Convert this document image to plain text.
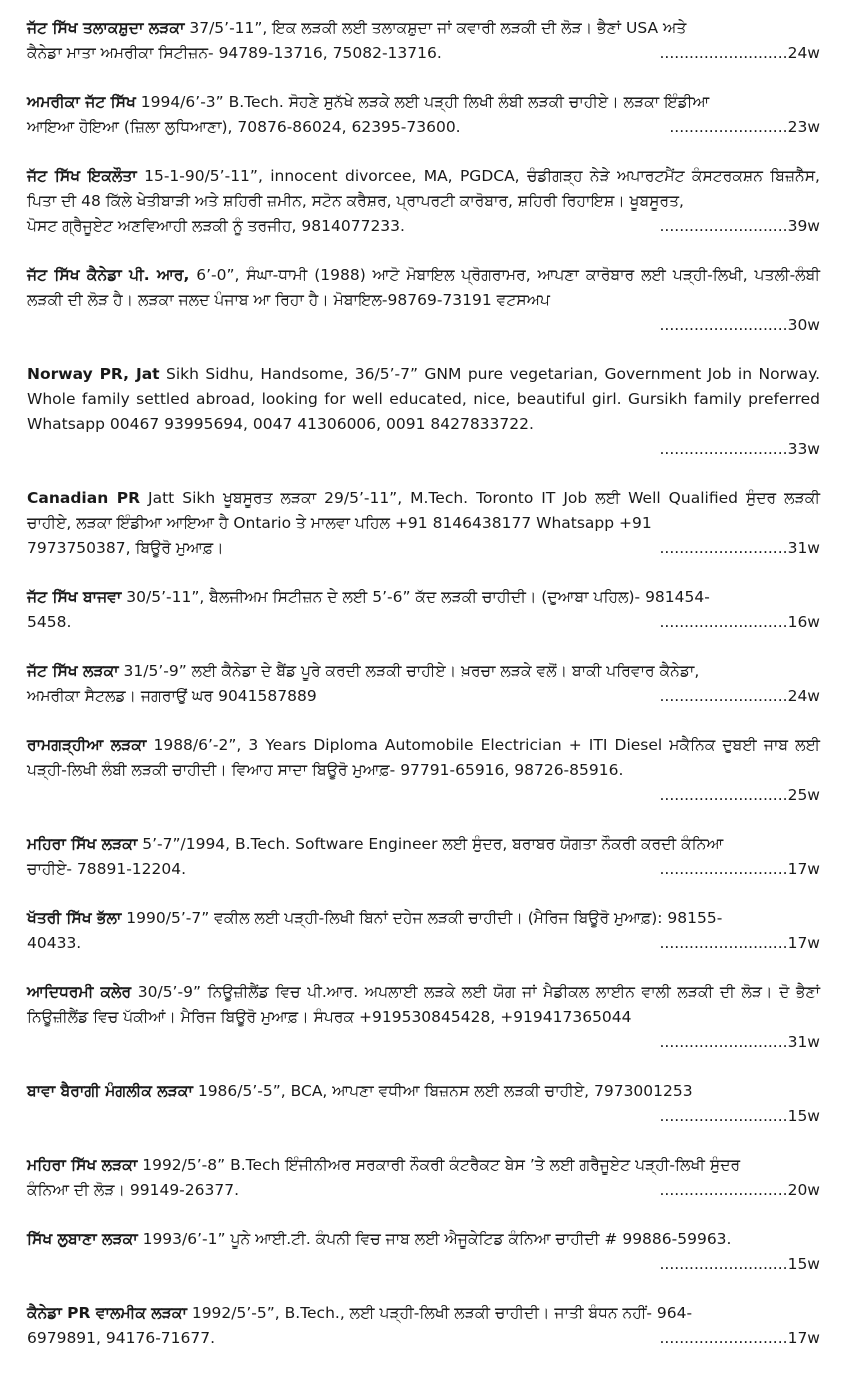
ਜੱਟ ਸਿੱਖ ਤਲਾਕਸ਼ੁਦਾ ਲੜਕਾ 37/5’-11”, ਇਕ ਲੜਕੀ ਲਈ ਤਲਾਕਸ਼ੁਦਾ ਜਾਂ ਕਵਾਰੀ ਲੜਕੀ ਦੀ ਲੋੜ। ਭੈਣਾਂ USA ਅਤੇ
ਕੈਨੇਡਾ ਮਾਤਾ ਅਮਰੀਕਾ ਸਿਟੀਜ਼ਨ- 94789-13716, 75082-13716.	..........................24w
ਅਮਰੀਕਾ ਜੱਟ ਸਿੱਖ 1994/6’-3” B.Tech. ਸੋਹਣੇ ਸੁਨੱਖੇ ਲੜਕੇ ਲਈ ਪੜ੍ਹੀ ਲਿਖੀ ਲੰਬੀ ਲੜਕੀ ਚਾਹੀਏ। ਲੜਕਾ ਇੰਡੀਆ
ਆਇਆ ਹੋਇਆ (ਜ਼ਿਲਾ ਲੁਧਿਆਣਾ), 70876-86024, 62395-73600.	........................23w
ਜੱਟ ਸਿੱਖ ਇਕਲੌਤਾ 15-1-90/5’-11”, innocent divorcee, MA, PGDCA, ਚੰਡੀਗੜ੍ਹ ਨੇੜੇ ਅਪਾਰਟਮੈਂਟ ਕੰਸਟਰਕਸ਼ਨ ਬਿਜ਼ਨੈੱਸ, ਪਿਤਾ ਦੀ 48 ਕਿੱਲੇ ਖੇਤੀਬਾੜੀ ਅਤੇ ਸ਼ਹਿਰੀ ਜ਼ਮੀਨ, ਸਟੋਨ ਕਰੈਸ਼ਰ, ਪ੍ਰਾਪਰਟੀ ਕਾਰੋਬਾਰ, ਸ਼ਹਿਰੀ ਰਿਹਾਇਸ਼। ਖੂਬਸੂਰਤ,
ਪੋਸਟ ਗ੍ਰੈਜੂਏਟ ਅਣਵਿਆਹੀ ਲੜਕੀ ਨੂੰ ਤਰਜੀਹ, 9814077233.	..........................39w
ਜੱਟ ਸਿੱਖ ਕੈਨੇਡਾ ਪੀ. ਆਰ, 6’-0”, ਸੰਘਾ-ਧਾਮੀ (1988) ਆਟੋ ਮੋਬਾਇਲ ਪ੍ਰੋਗਰਾਮਰ, ਆਪਣਾ ਕਾਰੋਬਾਰ ਲਈ ਪੜ੍ਹੀ-ਲਿਖੀ, ਪਤਲੀ-ਲੰਬੀ ਲੜਕੀ ਦੀ ਲੋੜ ਹੈ। ਲੜਕਾ ਜਲਦ ਪੰਜਾਬ ਆ ਰਿਹਾ ਹੈ। ਮੋਬਾਇਲ-98769-73191 ਵਟਸਅਪ
..........................30w
Norway PR, Jat Sikh Sidhu, Handsome, 36/5’-7” GNM pure vegetarian, Government Job in Norway. Whole family settled abroad, looking for well educated, nice, beautiful girl. Gursikh family preferred Whatsapp 00467 93995694, 0047 41306006, 0091 8427833722.
..........................33w
Canadian PR Jatt Sikh ਖੂਬਸੂਰਤ ਲੜਕਾ 29/5’-11”, M.Tech. Toronto IT Job ਲਈ Well Qualified ਸੁੰਦਰ ਲੜਕੀ ਚਾਹੀਏ, ਲੜਕਾ ਇੰਡੀਆ ਆਇਆ ਹੈ Ontario ਤੇ ਮਾਲਵਾ ਪਹਿਲ +91 8146438177 Whatsapp +91
7973750387, ਬਿਊਰੋ ਮੁਆਫ਼।	..........................31w
ਜੱਟ ਸਿੱਖ ਬਾਜਵਾ 30/5’-11”, ਬੈਲਜੀਅਮ ਸਿਟੀਜ਼ਨ ਦੇ ਲਈ 5’-6” ਕੱਦ ਲੜਕੀ ਚਾਹੀਦੀ। (ਦੁਆਬਾ ਪਹਿਲ)- 981454-
5458.	..........................16w
ਜੱਟ ਸਿੱਖ ਲੜਕਾ 31/5’-9” ਲਈ ਕੈਨੇਡਾ ਦੇ ਬੈਂਡ ਪੂਰੇ ਕਰਦੀ ਲੜਕੀ ਚਾਹੀਏ। ਖ਼ਰਚਾ ਲੜਕੇ ਵਲੋਂ। ਬਾਕੀ ਪਰਿਵਾਰ ਕੈਨੇਡਾ,
ਅਮਰੀਕਾ ਸੈਟਲਡ। ਜਗਰਾਉਂ ਘਰ 9041587889	..........................24w
ਰਾਮਗੜ੍ਹੀਆ ਲੜਕਾ 1988/6’-2”, 3 Years Diploma Automobile Electrician + ITI Diesel ਮਕੈਨਿਕ ਦੁਬਈ ਜਾਬ ਲਈ ਪੜ੍ਹੀ-ਲਿਖੀ ਲੰਬੀ ਲੜਕੀ ਚਾਹੀਦੀ। ਵਿਆਹ ਸਾਦਾ ਬਿਊਰੋ ਮੁਆਫ਼- 97791-65916, 98726-85916.
..........................25w
ਮਹਿਰਾ ਸਿੱਖ ਲੜਕਾ 5’-7”/1994, B.Tech. Software Engineer ਲਈ ਸੁੰਦਰ, ਬਰਾਬਰ ਯੋਗਤਾ ਨੌਕਰੀ ਕਰਦੀ ਕੰਨਿਆ
ਚਾਹੀਏ- 78891-12204.	..........................17w
ਖੱਤਰੀ ਸਿੱਖ ਭੱਲਾ 1990/5’-7” ਵਕੀਲ ਲਈ ਪੜ੍ਹੀ-ਲਿਖੀ ਬਿਨਾਂ ਦਹੇਜ ਲੜਕੀ ਚਾਹੀਦੀ। (ਮੈਰਿਜ ਬਿਊਰੋ ਮੁਆਫ਼): 98155-
40433.	..........................17w
ਆਦਿਧਰਮੀ ਕਲੇਰ 30/5’-9” ਨਿਊਜ਼ੀਲੈਂਡ ਵਿਚ ਪੀ.ਆਰ. ਅਪਲਾਈ ਲੜਕੇ ਲਈ ਯੋਗ ਜਾਂ ਮੈਡੀਕਲ ਲਾਈਨ ਵਾਲੀ ਲੜਕੀ ਦੀ ਲੋੜ। ਦੋ ਭੈਣਾਂ ਨਿਊਜ਼ੀਲੈਂਡ ਵਿਚ ਪੱਕੀਆਂ। ਮੈਰਿਜ ਬਿਊਰੋ ਮੁਆਫ਼। ਸੰਪਰਕ +919530845428, +919417365044
..........................31w
ਬਾਵਾ ਬੈਰਾਗੀ ਮੰਗਲੀਕ ਲੜਕਾ 1986/5’-5”, BCA, ਆਪਣਾ ਵਧੀਆ ਬਿਜ਼ਨਸ ਲਈ ਲੜਕੀ ਚਾਹੀਏ, 7973001253
..........................15w
ਮਹਿਰਾ ਸਿੱਖ ਲੜਕਾ 1992/5’-8” B.Tech ਇੰਜੀਨੀਅਰ ਸਰਕਾਰੀ ਨੌਕਰੀ ਕੰਟਰੈਕਟ ਬੇਸ ’ਤੇ ਲਈ ਗਰੈਜੂਏਟ ਪੜ੍ਹੀ-ਲਿਖੀ ਸੁੰਦਰ
ਕੰਨਿਆ ਦੀ ਲੋੜ। 99149-26377.	..........................20w
ਸਿੱਖ ਲੁਬਾਣਾ ਲੜਕਾ 1993/6’-1” ਪੂਨੇ ਆਈ.ਟੀ. ਕੰਪਨੀ ਵਿਚ ਜਾਬ ਲਈ ਐਜੂਕੇਟਿਡ ਕੰਨਿਆ ਚਾਹੀਦੀ # 99886-59963.
..........................15w
ਕੈਨੇਡਾ PR ਵਾਲਮੀਕ ਲੜਕਾ 1992/5’-5”, B.Tech., ਲਈ ਪੜ੍ਹੀ-ਲਿਖੀ ਲੜਕੀ ਚਾਹੀਦੀ। ਜਾਤੀ ਬੰਧਨ ਨਹੀਂ- 964-
6979891, 94176-71677.	..........................17w
